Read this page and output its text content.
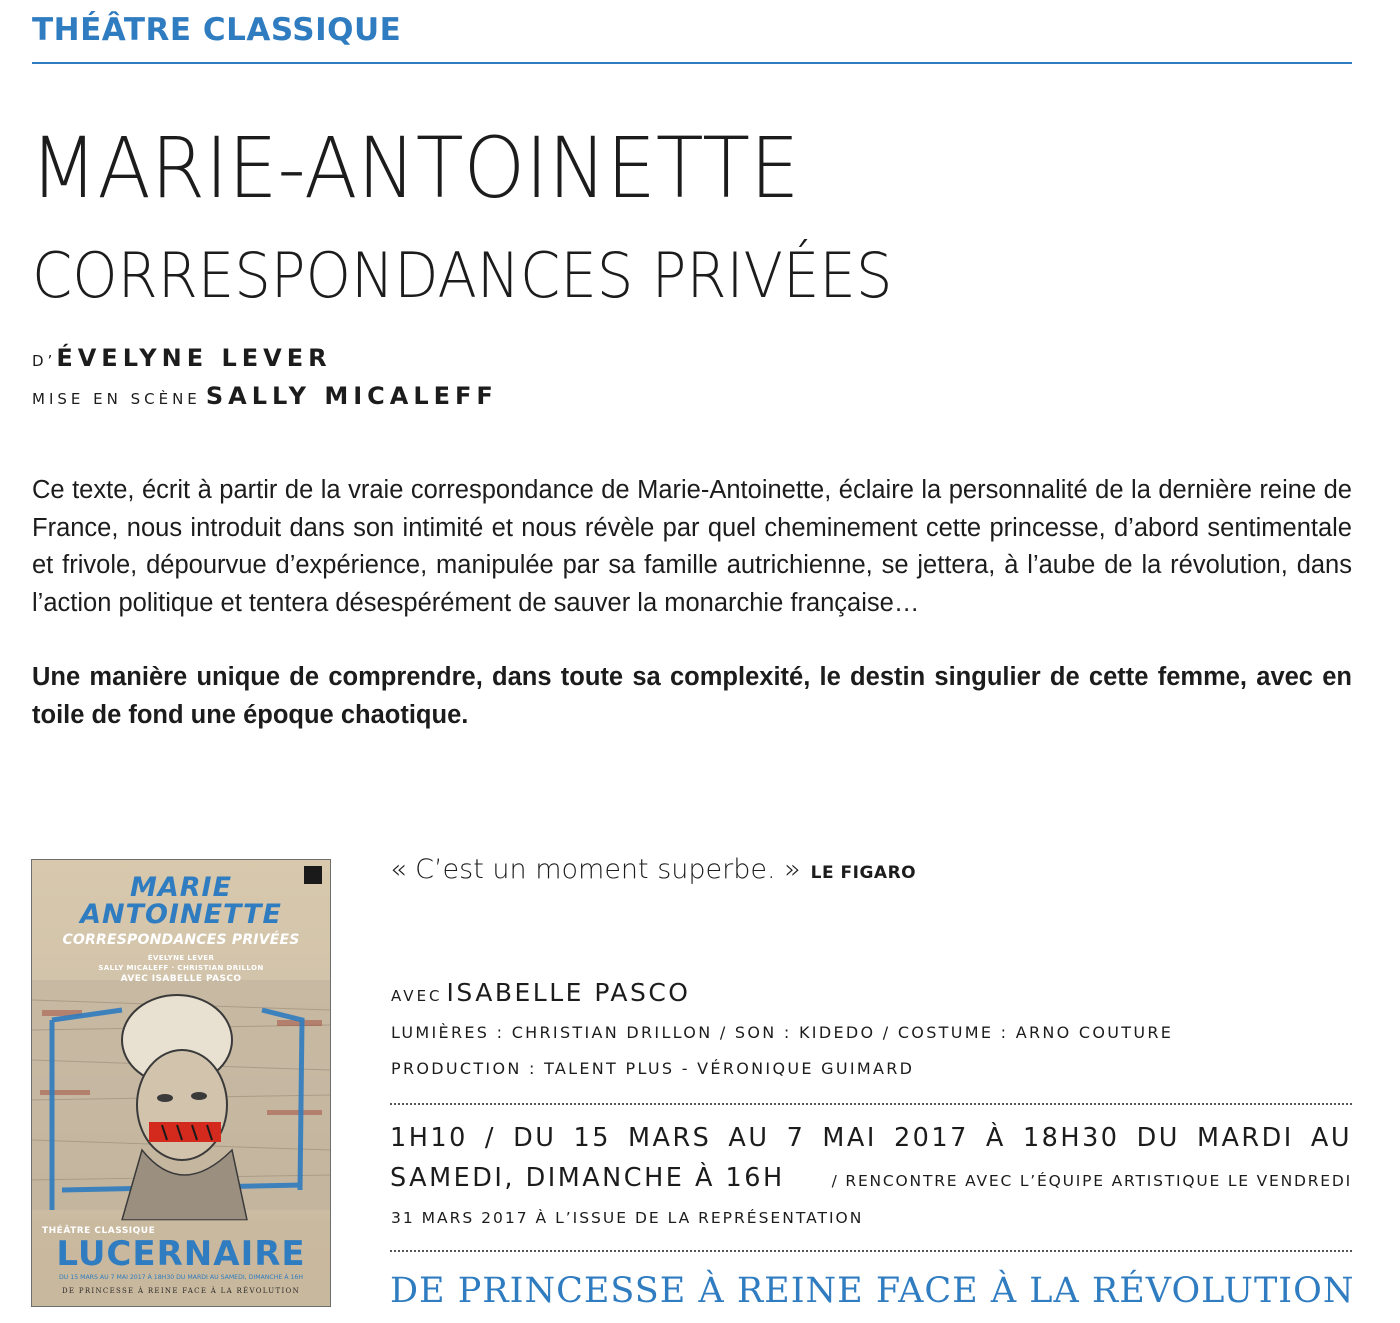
THÉÂTRE CLASSIQUE
MARIE-ANTOINETTE
CORRESPONDANCES PRIVÉES
D’ÉVELYNE LEVER
MISE EN SCÈNE SALLY MICALEFF

Ce texte, écrit à partir de la vraie correspondance de Marie-Antoinette, éclaire la personnalité de la dernière reine de France, nous introduit dans son intimité et nous révèle par quel cheminement cette princesse, d’abord sentimentale et frivole, dépourvue d’expérience, manipulée par sa famille autrichienne, se jettera, à l’aube de la révolution, dans l’action politique et tentera désespérément de sauver la monarchie française…

Une manière unique de comprendre, dans toute sa complexité, le destin singulier de cette femme, avec en toile de fond une époque chaotique.

MARIE
ANTOINETTE
CORRESPONDANCES PRIVÉES
ÉVELYNE LEVER
SALLY MICALEFF · CHRISTIAN DRILLON
AVEC ISABELLE PASCO
THÉÂTRE CLASSIQUE
LUCERNAIRE
DU 15 MARS AU 7 MAI 2017 À 18H30 DU MARDI AU SAMEDI, DIMANCHE À 16H
DE PRINCESSE À REINE FACE À LA RÉVOLUTION
« C’est un moment superbe. » LE FIGARO
AVEC ISABELLE PASCO
LUMIÈRES : CHRISTIAN DRILLON / SON : KIDEDO / COSTUME : ARNO COUTURE
PRODUCTION : TALENT PLUS - VÉRONIQUE GUIMARD
1H10 / DU 15 MARS AU 7 MAI 2017 À 18H30 DU MARDI AU
SAMEDI, DIMANCHE À 16H	/ RENCONTRE AVEC L’ÉQUIPE ARTISTIQUE LE VENDREDI
31 MARS 2017 À L’ISSUE DE LA REPRÉSENTATION
DE PRINCESSE À REINE FACE À LA RÉVOLUTION
